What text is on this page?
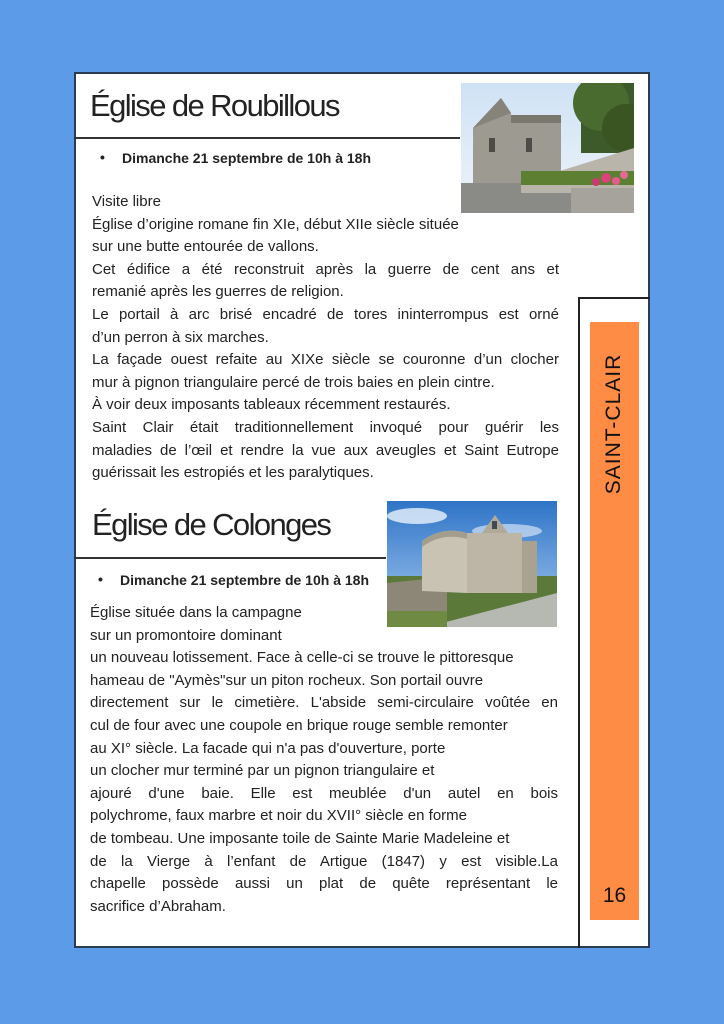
Église de Roubillous
• Dimanche 21 septembre de 10h à 18h

Visite libre

Église d’origine romane fin XIe, début XIIe siècle située

sur une butte entourée de vallons.

Cet édifice a été reconstruit après la guerre de cent ans et

remanié après les guerres de religion.

Le portail à arc brisé encadré de tores ininterrompus est orné

d’un perron à six marches.

La façade ouest refaite au XIXe siècle se couronne d’un clocher

mur à pignon triangulaire percé de trois baies en plein cintre.

À voir deux imposants tableaux récemment restaurés.

Saint Clair était traditionnellement invoqué pour guérir les

maladies de l’œil et rendre la vue aux aveugles et Saint Eutrope

guérissait les estropiés et les paralytiques.

Église de Colonges
• Dimanche 21 septembre de 10h à 18h

Église située dans la campagne

sur un promontoire dominant

un nouveau lotissement. Face à celle-ci se trouve le pittoresque

hameau de "Aymès"sur un piton rocheux. Son portail ouvre

directement sur le cimetière. L'abside semi-circulaire voûtée en

cul de four avec une coupole en brique rouge semble remonter

au XI° siècle. La facade qui n'a pas d'ouverture, porte

un clocher mur terminé par un pignon triangulaire et

ajouré d'une baie. Elle est meublée d'un autel en bois

polychrome, faux marbre et noir du XVII° siècle en forme

de tombeau. Une imposante toile de Sainte Marie Madeleine et

de la Vierge à l’enfant de Artigue (1847) y est visible.La

chapelle possède aussi un plat de quête représentant le

sacrifice d’Abraham.

SAINT-CLAIR
16
